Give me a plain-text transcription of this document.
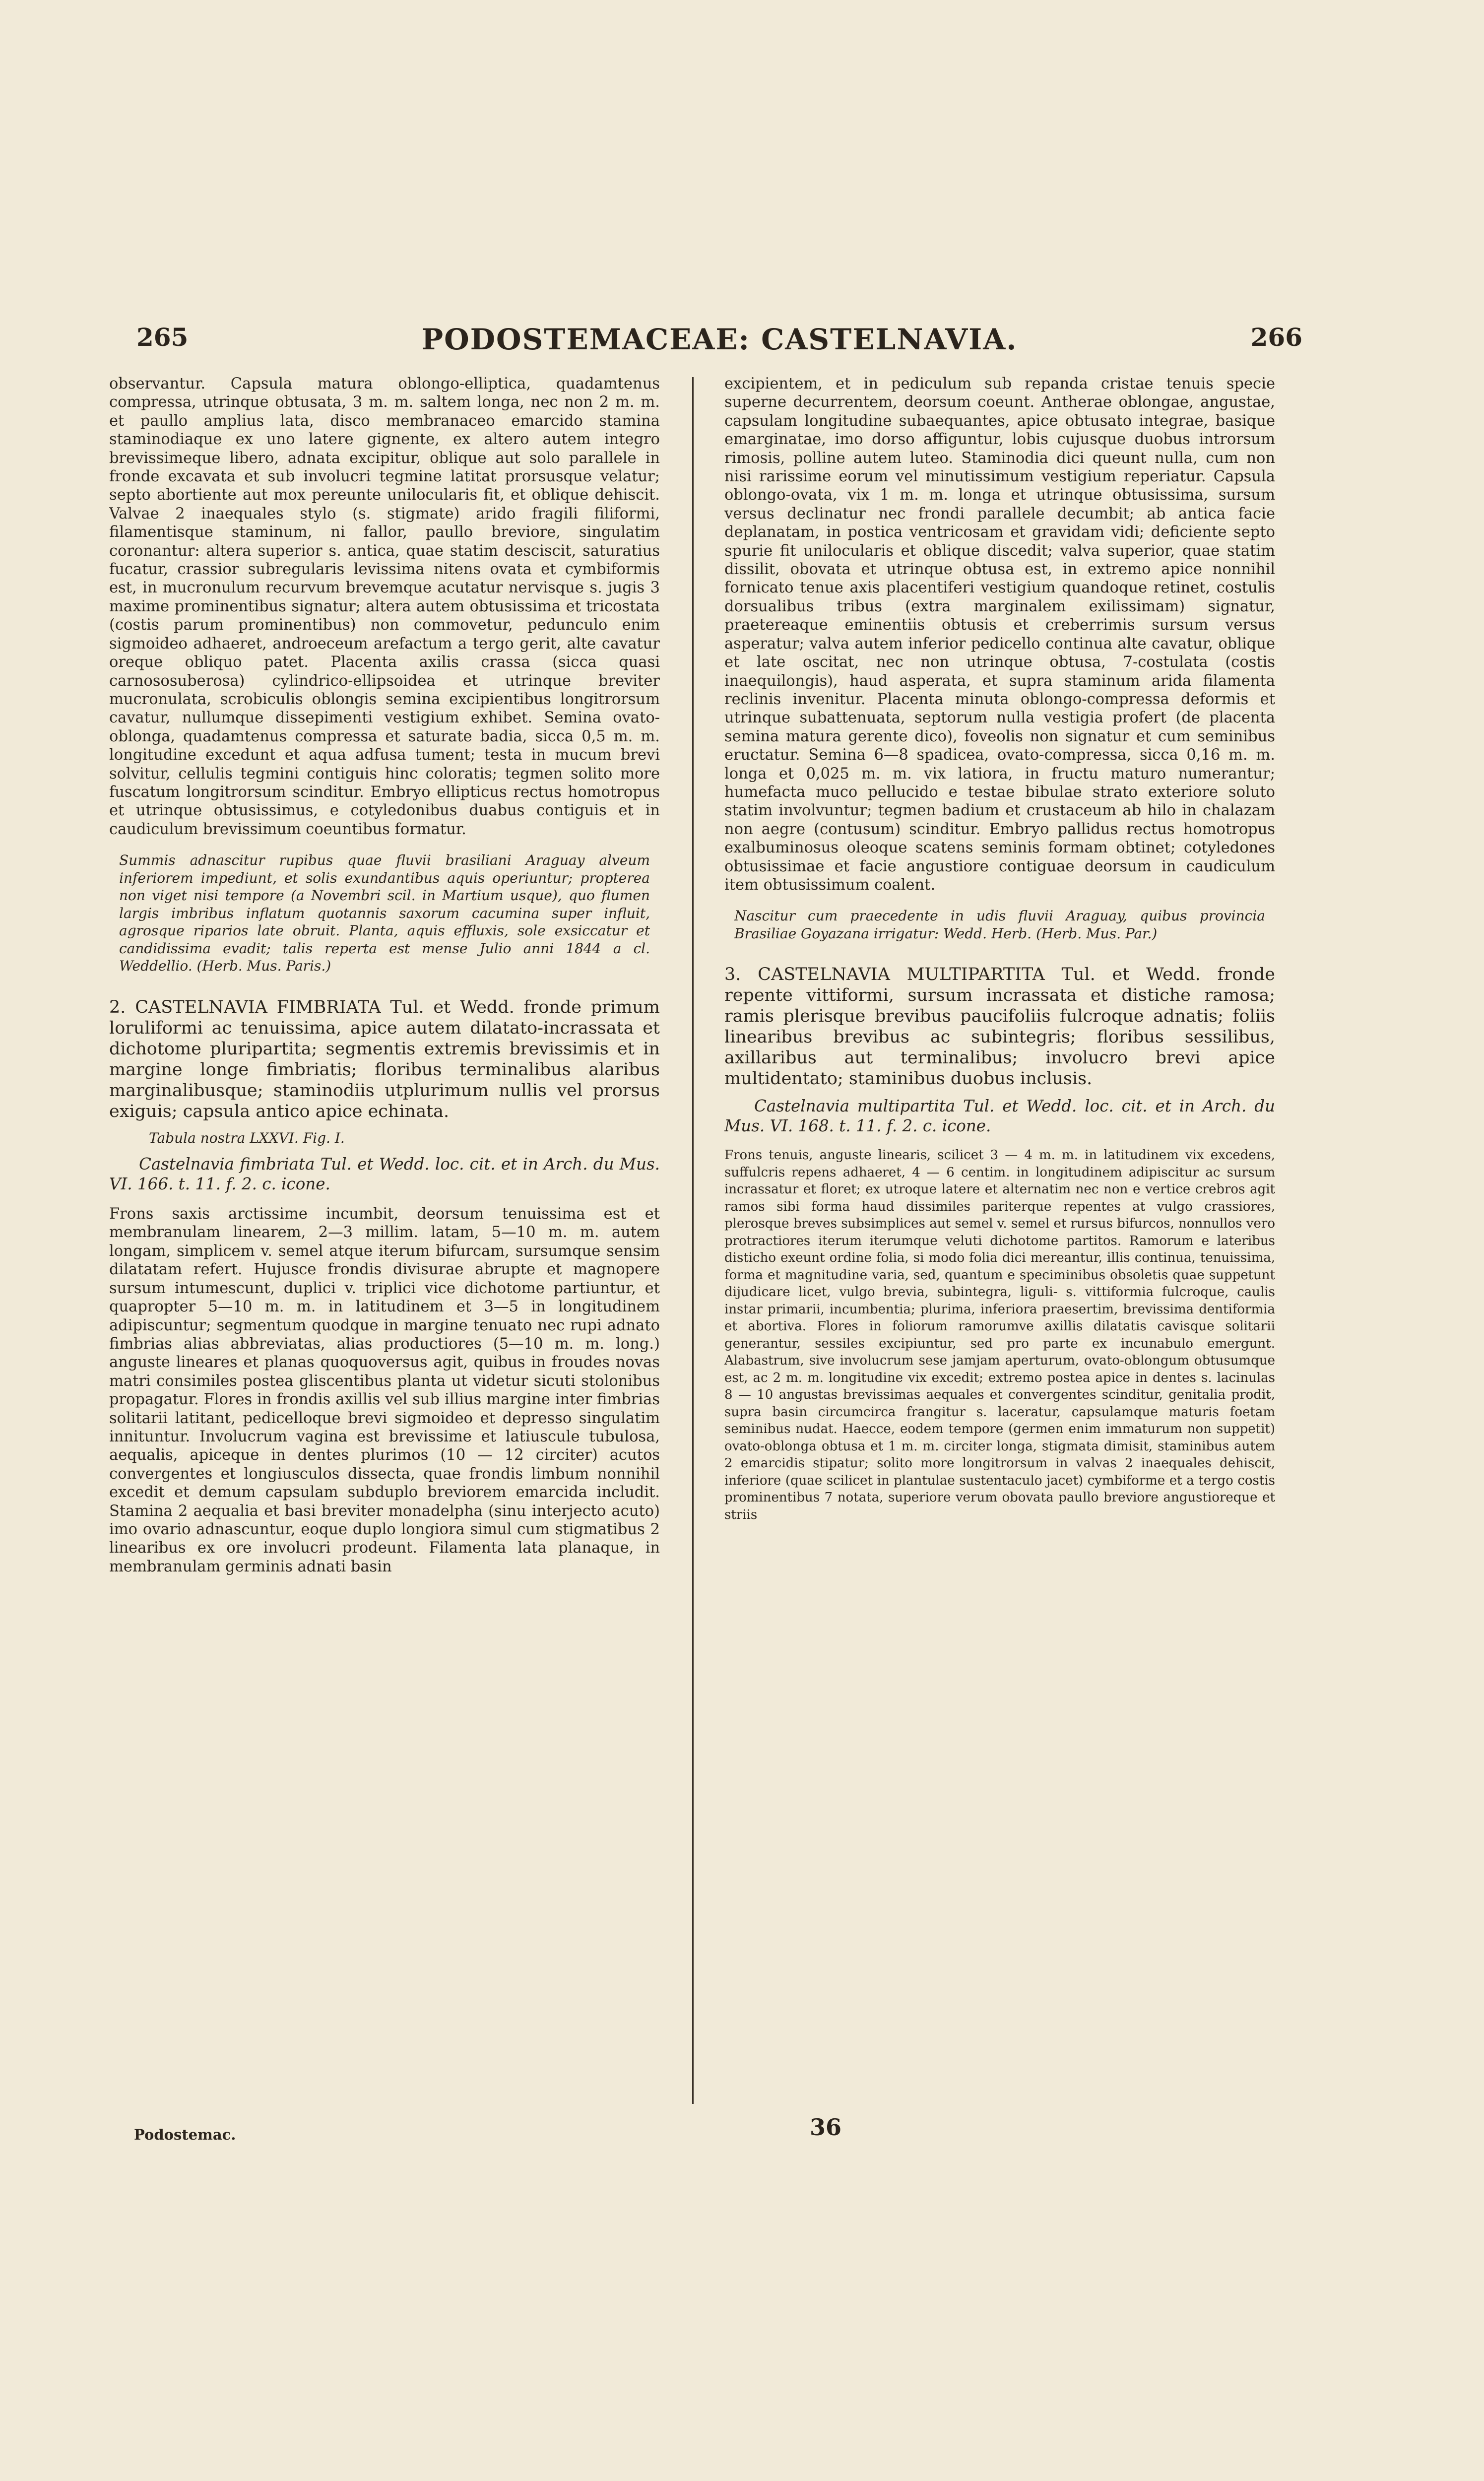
265	PODOSTEMACEAE: CASTELNAVIA.	266

observantur. Capsula matura oblongo-elliptica, quadamtenus compressa, utrinque obtusata, 3 m. m. saltem longa, nec non 2 m. m. et paullo amplius lata, disco membranaceo emarcido stamina staminodiaque ex uno latere gignente, ex altero autem integro brevissimeque libero, adnata excipitur, oblique aut solo parallele in fronde excavata et sub involucri tegmine latitat prorsusque velatur; septo abortiente aut mox pereunte unilocularis fit, et oblique dehiscit. Valvae 2 inaequales stylo (s. stigmate) arido fragili filiformi, filamentisque staminum, ni fallor, paullo breviore, singulatim coronantur: altera superior s. antica, quae statim desciscit, saturatius fucatur, crassior subregularis levissima nitens ovata et cymbiformis est, in mucronulum recurvum brevemque acutatur nervisque s. jugis 3 maxime prominentibus signatur; altera autem obtusissima et tricostata (costis parum prominentibus) non commovetur, pedunculo enim sigmoideo adhaeret, androeceum arefactum a tergo gerit, alte cavatur oreque obliquo patet. Placenta axilis crassa (sicca quasi carnososuberosa) cylindrico-ellipsoidea et utrinque breviter mucronulata, scrobiculis oblongis semina excipientibus longitrorsum cavatur, nullumque dissepimenti vestigium exhibet. Semina ovato-oblonga, quadamtenus compressa et saturate badia, sicca 0,5 m. m. longitudine excedunt et aqua adfusa tument; testa in mucum brevi solvitur, cellulis tegmini contiguis hinc coloratis; tegmen solito more fuscatum longitrorsum scinditur. Embryo ellipticus rectus homotropus et utrinque obtusissimus, e cotyledonibus duabus contiguis et in caudiculum brevissimum coeuntibus formatur.

Summis adnascitur rupibus quae fluvii brasiliani Araguay alveum inferiorem impediunt, et solis exundantibus aquis operiuntur; propterea non viget nisi tempore (a Novembri scil. in Martium usque), quo flumen largis imbribus inflatum quotannis saxorum cacumina super influit, agrosque riparios late obruit. Planta, aquis effluxis, sole exsiccatur et candidissima evadit; talis reperta est mense Julio anni 1844 a cl. Weddellio. (Herb. Mus. Paris.)

2. CASTELNAVIA FIMBRIATA Tul. et Wedd. fronde primum loruliformi ac tenuissima, apice autem dilatato-incrassata et dichotome pluripartita; segmentis extremis brevissimis et in margine longe fimbriatis; floribus terminalibus alaribus marginalibusque; staminodiis utplurimum nullis vel prorsus exiguis; capsula antico apice echinata.

Tabula nostra LXXVI. Fig. I.

Castelnavia fimbriata Tul. et Wedd. loc. cit. et in Arch. du Mus. VI. 166. t. 11. f. 2. c. icone.

Frons saxis arctissime incumbit, deorsum tenuissima est et membranulam linearem, 2—3 millim. latam, 5—10 m. m. autem longam, simplicem v. semel atque iterum bifurcam, sursumque sensim dilatatam refert. Hujusce frondis divisurae abrupte et magnopere sursum intumescunt, duplici v. triplici vice dichotome partiuntur, et quapropter 5—10 m. m. in latitudinem et 3—5 in longitudinem adipiscuntur; segmentum quodque in margine tenuato nec rupi adnato fimbrias alias abbreviatas, alias productiores (5—10 m. m. long.) anguste lineares et planas quoquoversus agit, quibus in froudes novas matri consimiles postea gliscentibus planta ut videtur sicuti stolonibus propagatur. Flores in frondis axillis vel sub illius margine inter fimbrias solitarii latitant, pedicelloque brevi sigmoideo et depresso singulatim innituntur. Involucrum vagina est brevissime et latiuscule tubulosa, aequalis, apiceque in dentes plurimos (10 — 12 circiter) acutos convergentes et longiusculos dissecta, quae frondis limbum nonnihil excedit et demum capsulam subduplo breviorem emarcida includit. Stamina 2 aequalia et basi breviter monadelpha (sinu interjecto acuto) imo ovario adnascuntur, eoque duplo longiora simul cum stigmatibus 2 linearibus ex ore involucri prodeunt. Filamenta lata planaque, in membranulam germinis adnati basin

excipientem, et in pediculum sub repanda cristae tenuis specie superne decurrentem, deorsum coeunt. Antherae oblongae, angustae, capsulam longitudine subaequantes, apice obtusato integrae, basique emarginatae, imo dorso affiguntur, lobis cujusque duobus introrsum rimosis, polline autem luteo. Staminodia dici queunt nulla, cum non nisi rarissime eorum vel minutissimum vestigium reperiatur. Capsula oblongo-ovata, vix 1 m. m. longa et utrinque obtusissima, sursum versus declinatur nec frondi parallele decumbit; ab antica facie deplanatam, in postica ventricosam et gravidam vidi; deficiente septo spurie fit unilocularis et oblique discedit; valva superior, quae statim dissilit, obovata et utrinque obtusa est, in extremo apice nonnihil fornicato tenue axis placentiferi vestigium quandoque retinet, costulis dorsualibus tribus (extra marginalem exilissimam) signatur, praetereaque eminentiis obtusis et creberrimis sursum versus asperatur; valva autem inferior pedicello continua alte cavatur, oblique et late oscitat, nec non utrinque obtusa, 7-costulata (costis inaequilongis), haud asperata, et supra staminum arida filamenta reclinis invenitur. Placenta minuta oblongo-compressa deformis et utrinque subattenuata, septorum nulla vestigia profert (de placenta semina matura gerente dico), foveolis non signatur et cum seminibus eructatur. Semina 6—8 spadicea, ovato-compressa, sicca 0,16 m. m. longa et 0,025 m. m. vix latiora, in fructu maturo numerantur; humefacta muco pellucido e testae bibulae strato exteriore soluto statim involvuntur; tegmen badium et crustaceum ab hilo in chalazam non aegre (contusum) scinditur. Embryo pallidus rectus homotropus exalbuminosus oleoque scatens seminis formam obtinet; cotyledones obtusissimae et facie angustiore contiguae deorsum in caudiculum item obtusissimum coalent.

Nascitur cum praecedente in udis fluvii Araguay, quibus provincia Brasiliae Goyazana irrigatur: Wedd. Herb. (Herb. Mus. Par.)

3. CASTELNAVIA MULTIPARTITA Tul. et Wedd. fronde repente vittiformi, sursum incrassata et distiche ramosa; ramis plerisque brevibus paucifoliis fulcroque adnatis; foliis linearibus brevibus ac subintegris; floribus sessilibus, axillaribus aut terminalibus; involucro brevi apice multidentato; staminibus duobus inclusis.

Castelnavia multipartita Tul. et Wedd. loc. cit. et in Arch. du Mus. VI. 168. t. 11. f. 2. c. icone.

Frons tenuis, anguste linearis, scilicet 3 — 4 m. m. in latitudinem vix excedens, suffulcris repens adhaeret, 4 — 6 centim. in longitudinem adipiscitur ac sursum incrassatur et floret; ex utroque latere et alternatim nec non e vertice crebros agit ramos sibi forma haud dissimiles pariterque repentes at vulgo crassiores, plerosque breves subsimplices aut semel v. semel et rursus bifurcos, nonnullos vero protractiores iterum iterumque veluti dichotome partitos. Ramorum e lateribus disticho exeunt ordine folia, si modo folia dici mereantur, illis continua, tenuissima, forma et magnitudine varia, sed, quantum e speciminibus obsoletis quae suppetunt dijudicare licet, vulgo brevia, subintegra, liguli- s. vittiformia fulcroque, caulis instar primarii, incumbentia; plurima, inferiora praesertim, brevissima dentiformia et abortiva. Flores in foliorum ramorumve axillis dilatatis cavisque solitarii generantur, sessiles excipiuntur, sed pro parte ex incunabulo emergunt. Alabastrum, sive involucrum sese jamjam aperturum, ovato-oblongum obtusumque est, ac 2 m. m. longitudine vix excedit; extremo postea apice in dentes s. lacinulas 8 — 10 angustas brevissimas aequales et convergentes scinditur, genitalia prodit, supra basin circumcirca frangitur s. laceratur, capsulamque maturis foetam seminibus nudat. Haecce, eodem tempore (germen enim immaturum non suppetit) ovato-oblonga obtusa et 1 m. m. circiter longa, stigmata dimisit, staminibus autem 2 emarcidis stipatur; solito more longitrorsum in valvas 2 inaequales dehiscit, inferiore (quae scilicet in plantulae sustentaculo jacet) cymbiforme et a tergo costis prominentibus 7 notata, superiore verum obovata paullo breviore angustioreque et striis

Podostemac.	36
